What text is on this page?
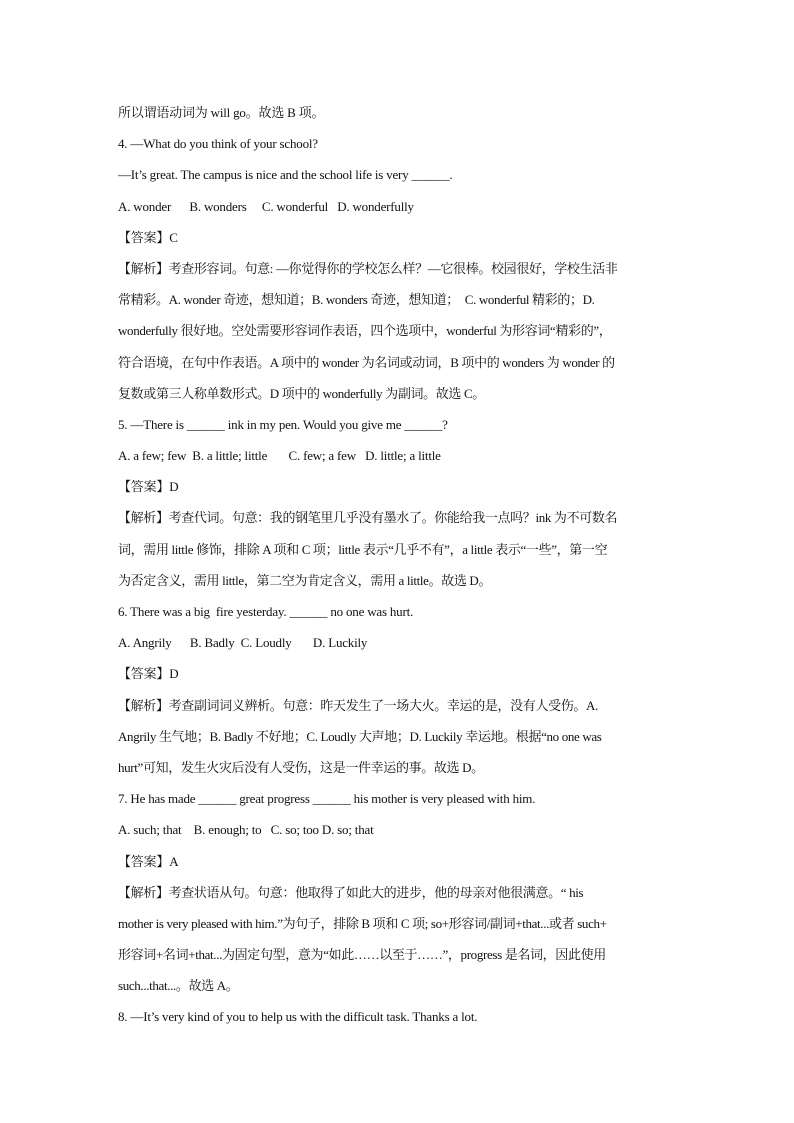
所以谓语动词为 will go。故选 B 项。
4. —What do you think of your school?
—It’s great. The campus is nice and the school life is very ______.
A. wonder      B. wonders     C. wonderful   D. wonderfully
【答案】C
【解析】考查形容词。句意: —你觉得你的学校怎么样？—它很棒。校园很好，学校生活非
常精彩。A. wonder 奇迹，想知道；B. wonders 奇迹，想知道；  C. wonderful 精彩的；D.
wonderfully 很好地。空处需要形容词作表语，四个选项中，wonderful 为形容词“精彩的”，
符合语境，在句中作表语。A 项中的 wonder 为名词或动词，B 项中的 wonders 为 wonder 的
复数或第三人称单数形式。D 项中的 wonderfully 为副词。故选 C。
5. —There is ______ ink in my pen. Would you give me ______?
A. a few; few  B. a little; little       C. few; a few   D. little; a little
【答案】D
【解析】考查代词。句意：我的钢笔里几乎没有墨水了。你能给我一点吗？ink 为不可数名
词，需用 little 修饰，排除 A 项和 C 项；little 表示“几乎不有”，a little 表示“一些”，第一空
为否定含义，需用 little，第二空为肯定含义，需用 a little。故选 D。
6. There was a big  fire yesterday. ______ no one was hurt.
A. Angrily      B. Badly  C. Loudly       D. Luckily
【答案】D
【解析】考查副词词义辨析。句意：昨天发生了一场大火。幸运的是，没有人受伤。A.
Angrily 生气地；B. Badly 不好地；C. Loudly 大声地；D. Luckily 幸运地。根据“no one was
hurt”可知，发生火灾后没有人受伤，这是一件幸运的事。故选 D。
7. He has made ______ great progress ______ his mother is very pleased with him.
A. such; that    B. enough; to   C. so; too D. so; that
【答案】A
【解析】考查状语从句。句意：他取得了如此大的进步，他的母亲对他很满意。“ his
mother is very pleased with him.”为句子，排除 B 项和 C 项; so+形容词/副词+that...或者 such+
形容词+名词+that...为固定句型，意为“如此……以至于……”，progress 是名词，因此使用
such...that...。故选 A。
8. —It’s very kind of you to help us with the difficult task. Thanks a lot.
